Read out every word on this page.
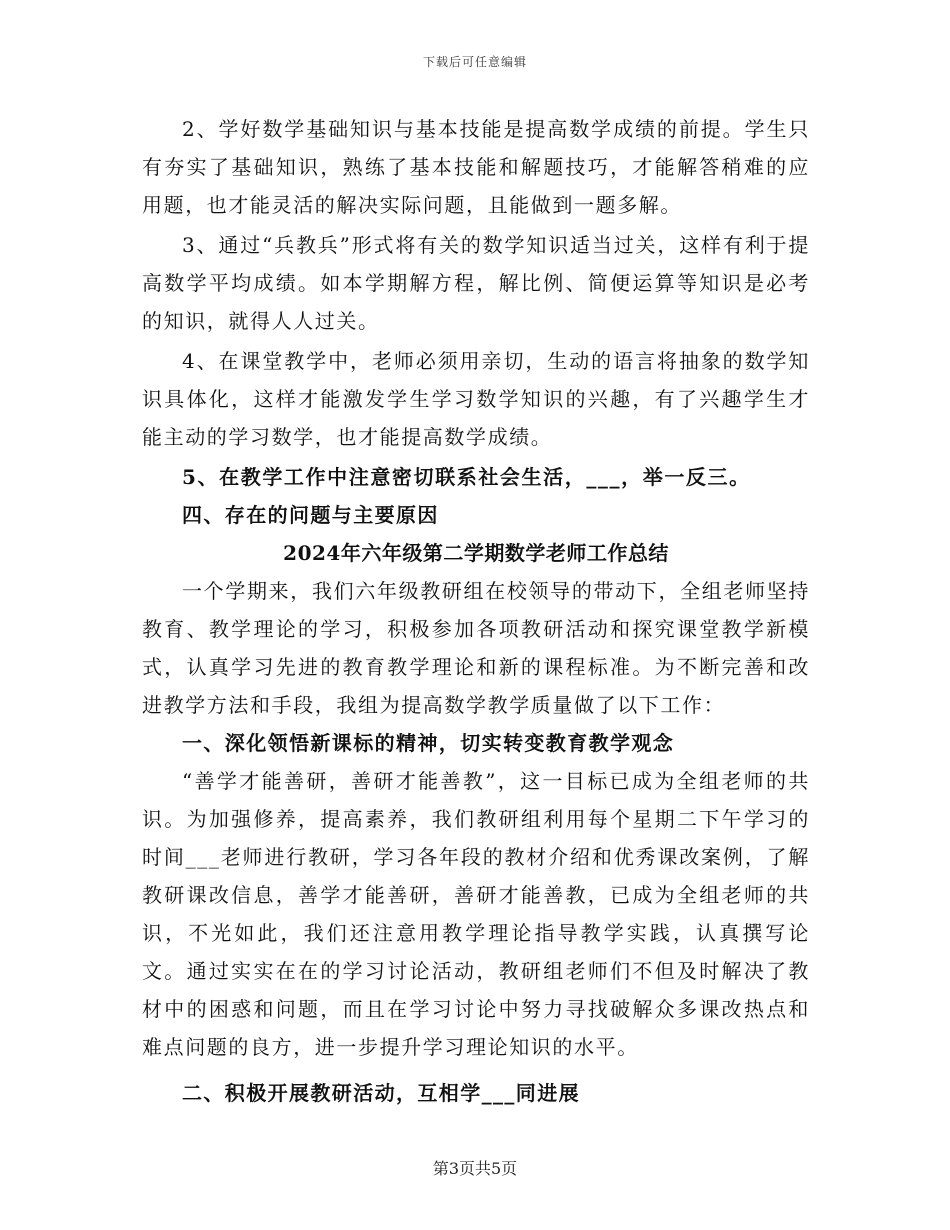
下载后可任意编辑

2、学好数学基础知识与基本技能是提高数学成绩的前提。学生只有夯实了基础知识，熟练了基本技能和解题技巧，才能解答稍难的应用题，也才能灵活的解决实际问题，且能做到一题多解。

3、通过“兵教兵”形式将有关的数学知识适当过关，这样有利于提高数学平均成绩。如本学期解方程，解比例、简便运算等知识是必考的知识，就得人人过关。

4、在课堂教学中，老师必须用亲切，生动的语言将抽象的数学知识具体化，这样才能激发学生学习数学知识的兴趣，有了兴趣学生才能主动的学习数学，也才能提高数学成绩。

5、在教学工作中注意密切联系社会生活，___，举一反三。

四、存在的问题与主要原因

2024年六年级第二学期数学老师工作总结

一个学期来，我们六年级教研组在校领导的带动下，全组老师坚持教育、教学理论的学习，积极参加各项教研活动和探究课堂教学新模式，认真学习先进的教育教学理论和新的课程标准。为不断完善和改进教学方法和手段，我组为提高数学教学质量做了以下工作：

一、深化领悟新课标的精神，切实转变教育教学观念

“善学才能善研，善研才能善教”，这一目标已成为全组老师的共识。为加强修养，提高素养，我们教研组利用每个星期二下午学习的时间___老师进行教研，学习各年段的教材介绍和优秀课改案例，了解教研课改信息，善学才能善研，善研才能善教，已成为全组老师的共识，不光如此，我们还注意用教学理论指导教学实践，认真撰写论文。通过实实在在的学习讨论活动，教研组老师们不但及时解决了教材中的困惑和问题，而且在学习讨论中努力寻找破解众多课改热点和难点问题的良方，进一步提升学习理论知识的水平。

二、积极开展教研活动，互相学___同进展

第3页共5页
